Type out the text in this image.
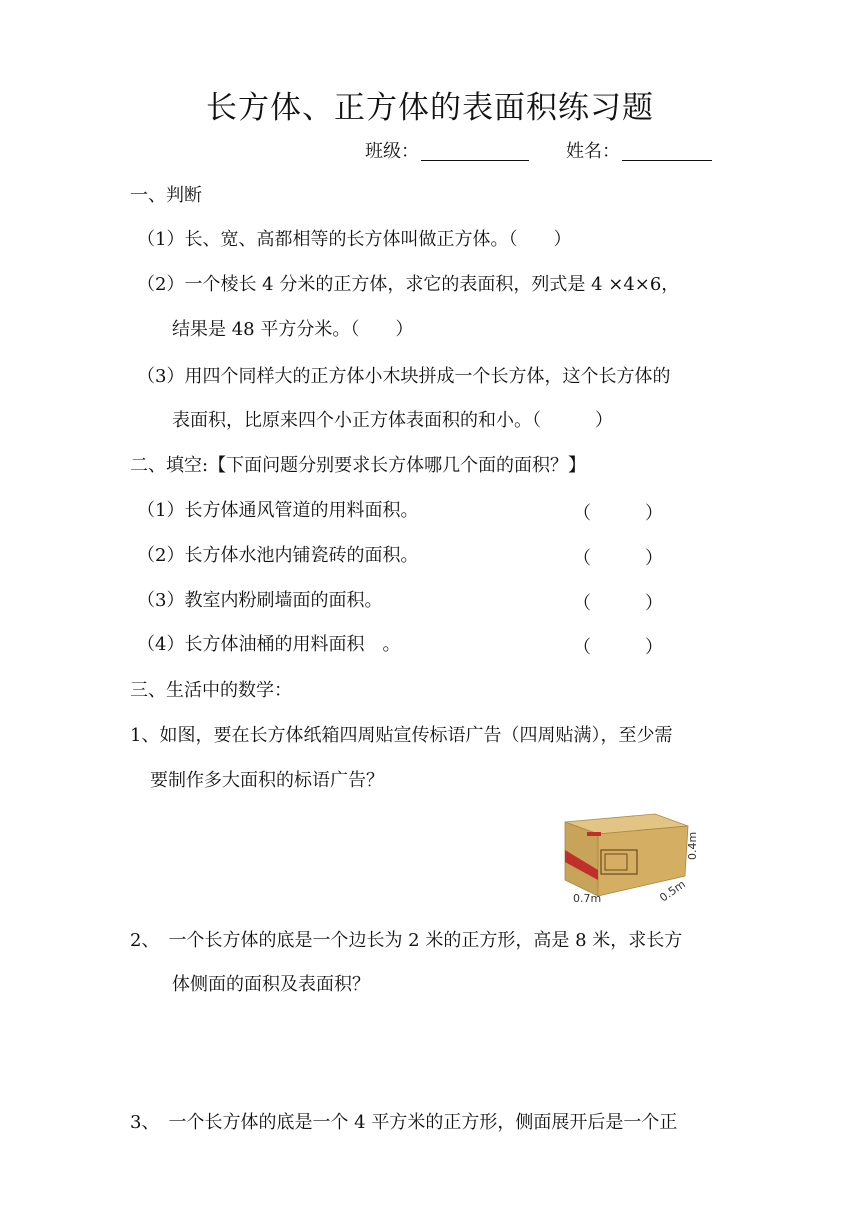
长方体、正方体的表面积练习题
班级：	姓名：
一、判断
（1）长、宽、高都相等的长方体叫做正方体。（　　）
（2）一个棱长 4 分米的正方体，求它的表面积，列式是 4 ×4×6，
结果是 48 平方分米。（　　）
（3）用四个同样大的正方体小木块拼成一个长方体，这个长方体的
表面积，比原来四个小正方体表面积的和小。（　　　）
二、填空:【下面问题分别要求长方体哪几个面的面积？】
（1）长方体通风管道的用料面积。	（　　　）
（2）长方体水池内铺瓷砖的面积。	（　　　）
（3）教室内粉刷墙面的面积。	（　　　）
（4）长方体油桶的用料面积　。	（　　　）
三、生活中的数学：
1、如图，要在长方体纸箱四周贴宣传标语广告（四周贴满），至少需
要制作多大面积的标语广告？
0.7m	0.5m
0.4m
2、　一个长方体的底是一个边长为 2 米的正方形，高是 8 米，求长方
体侧面的面积及表面积？
3、　一个长方体的底是一个 4 平方米的正方形，侧面展开后是一个正
